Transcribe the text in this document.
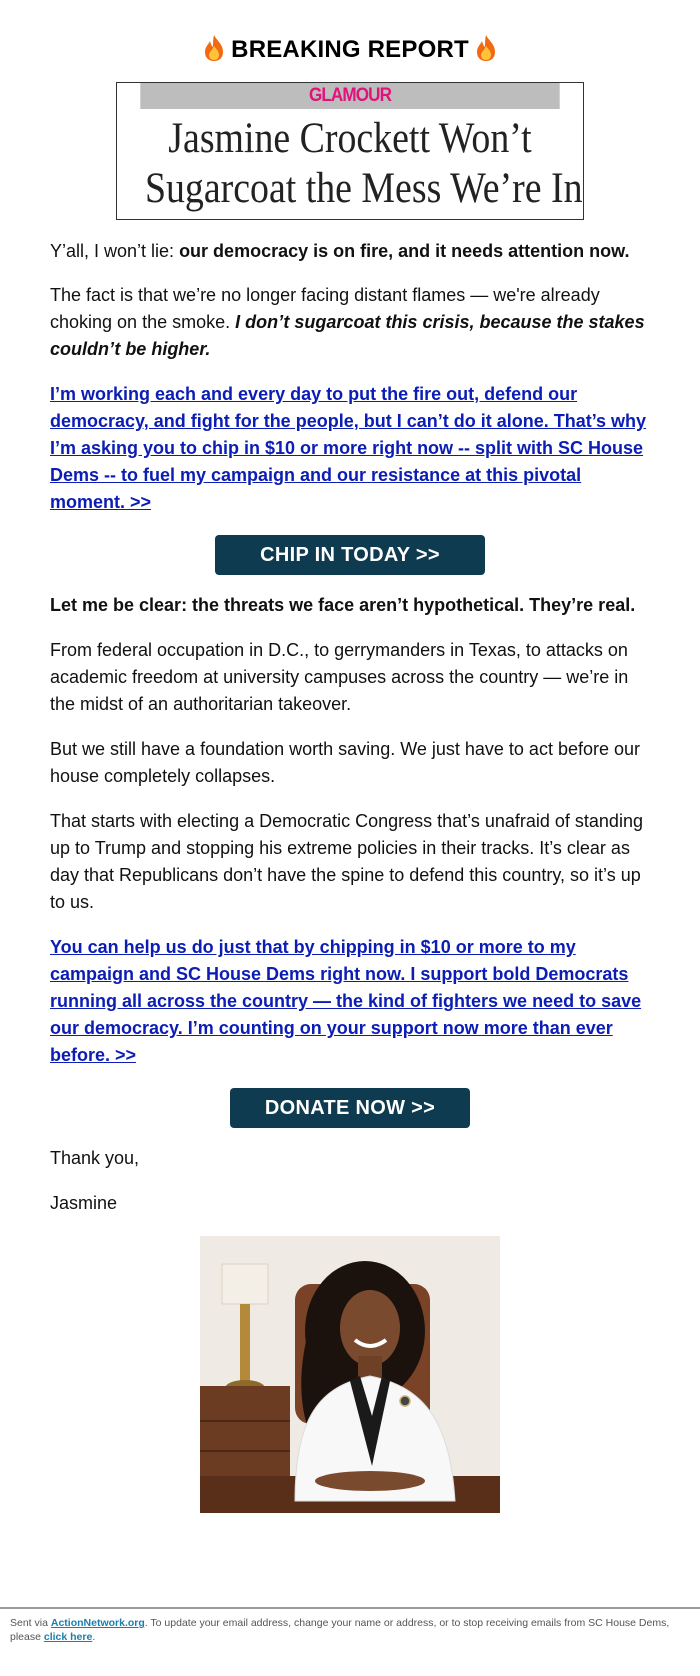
BREAKING REPORT
GLAMOUR
Jasmine Crockett Won’t
Sugarcoat the Mess We’re In

Y’all, I won’t lie: our democracy is on fire, and it needs attention now.

The fact is that we’re no longer facing distant flames — we're already choking on the smoke. I don’t sugarcoat this crisis, because the stakes couldn’t be higher.

I’m working each and every day to put the fire out, defend our democracy, and fight for the people, but I can’t do it alone. That’s why I’m asking you to chip in $10 or more right now -- split with SC House Dems -- to fuel my campaign and our resistance at this pivotal moment. >>

CHIP IN TODAY >>

Let me be clear: the threats we face aren’t hypothetical. They’re real.

From federal occupation in D.C., to gerrymanders in Texas, to attacks on academic freedom at university campuses across the country — we’re in the midst of an authoritarian takeover.

But we still have a foundation worth saving. We just have to act before our house completely collapses.

That starts with electing a Democratic Congress that’s unafraid of standing up to Trump and stopping his extreme policies in their tracks. It’s clear as day that Republicans don’t have the spine to defend this country, so it’s up to us.

You can help us do just that by chipping in $10 or more to my campaign and SC House Dems right now. I support bold Democrats running all across the country — the kind of fighters we need to save our democracy. I’m counting on your support now more than ever before. >>

DONATE NOW >>

Thank you,

Jasmine

Sent via ActionNetwork.org. To update your email address, change your name or address, or to stop receiving emails from SC House Dems, please click here.
